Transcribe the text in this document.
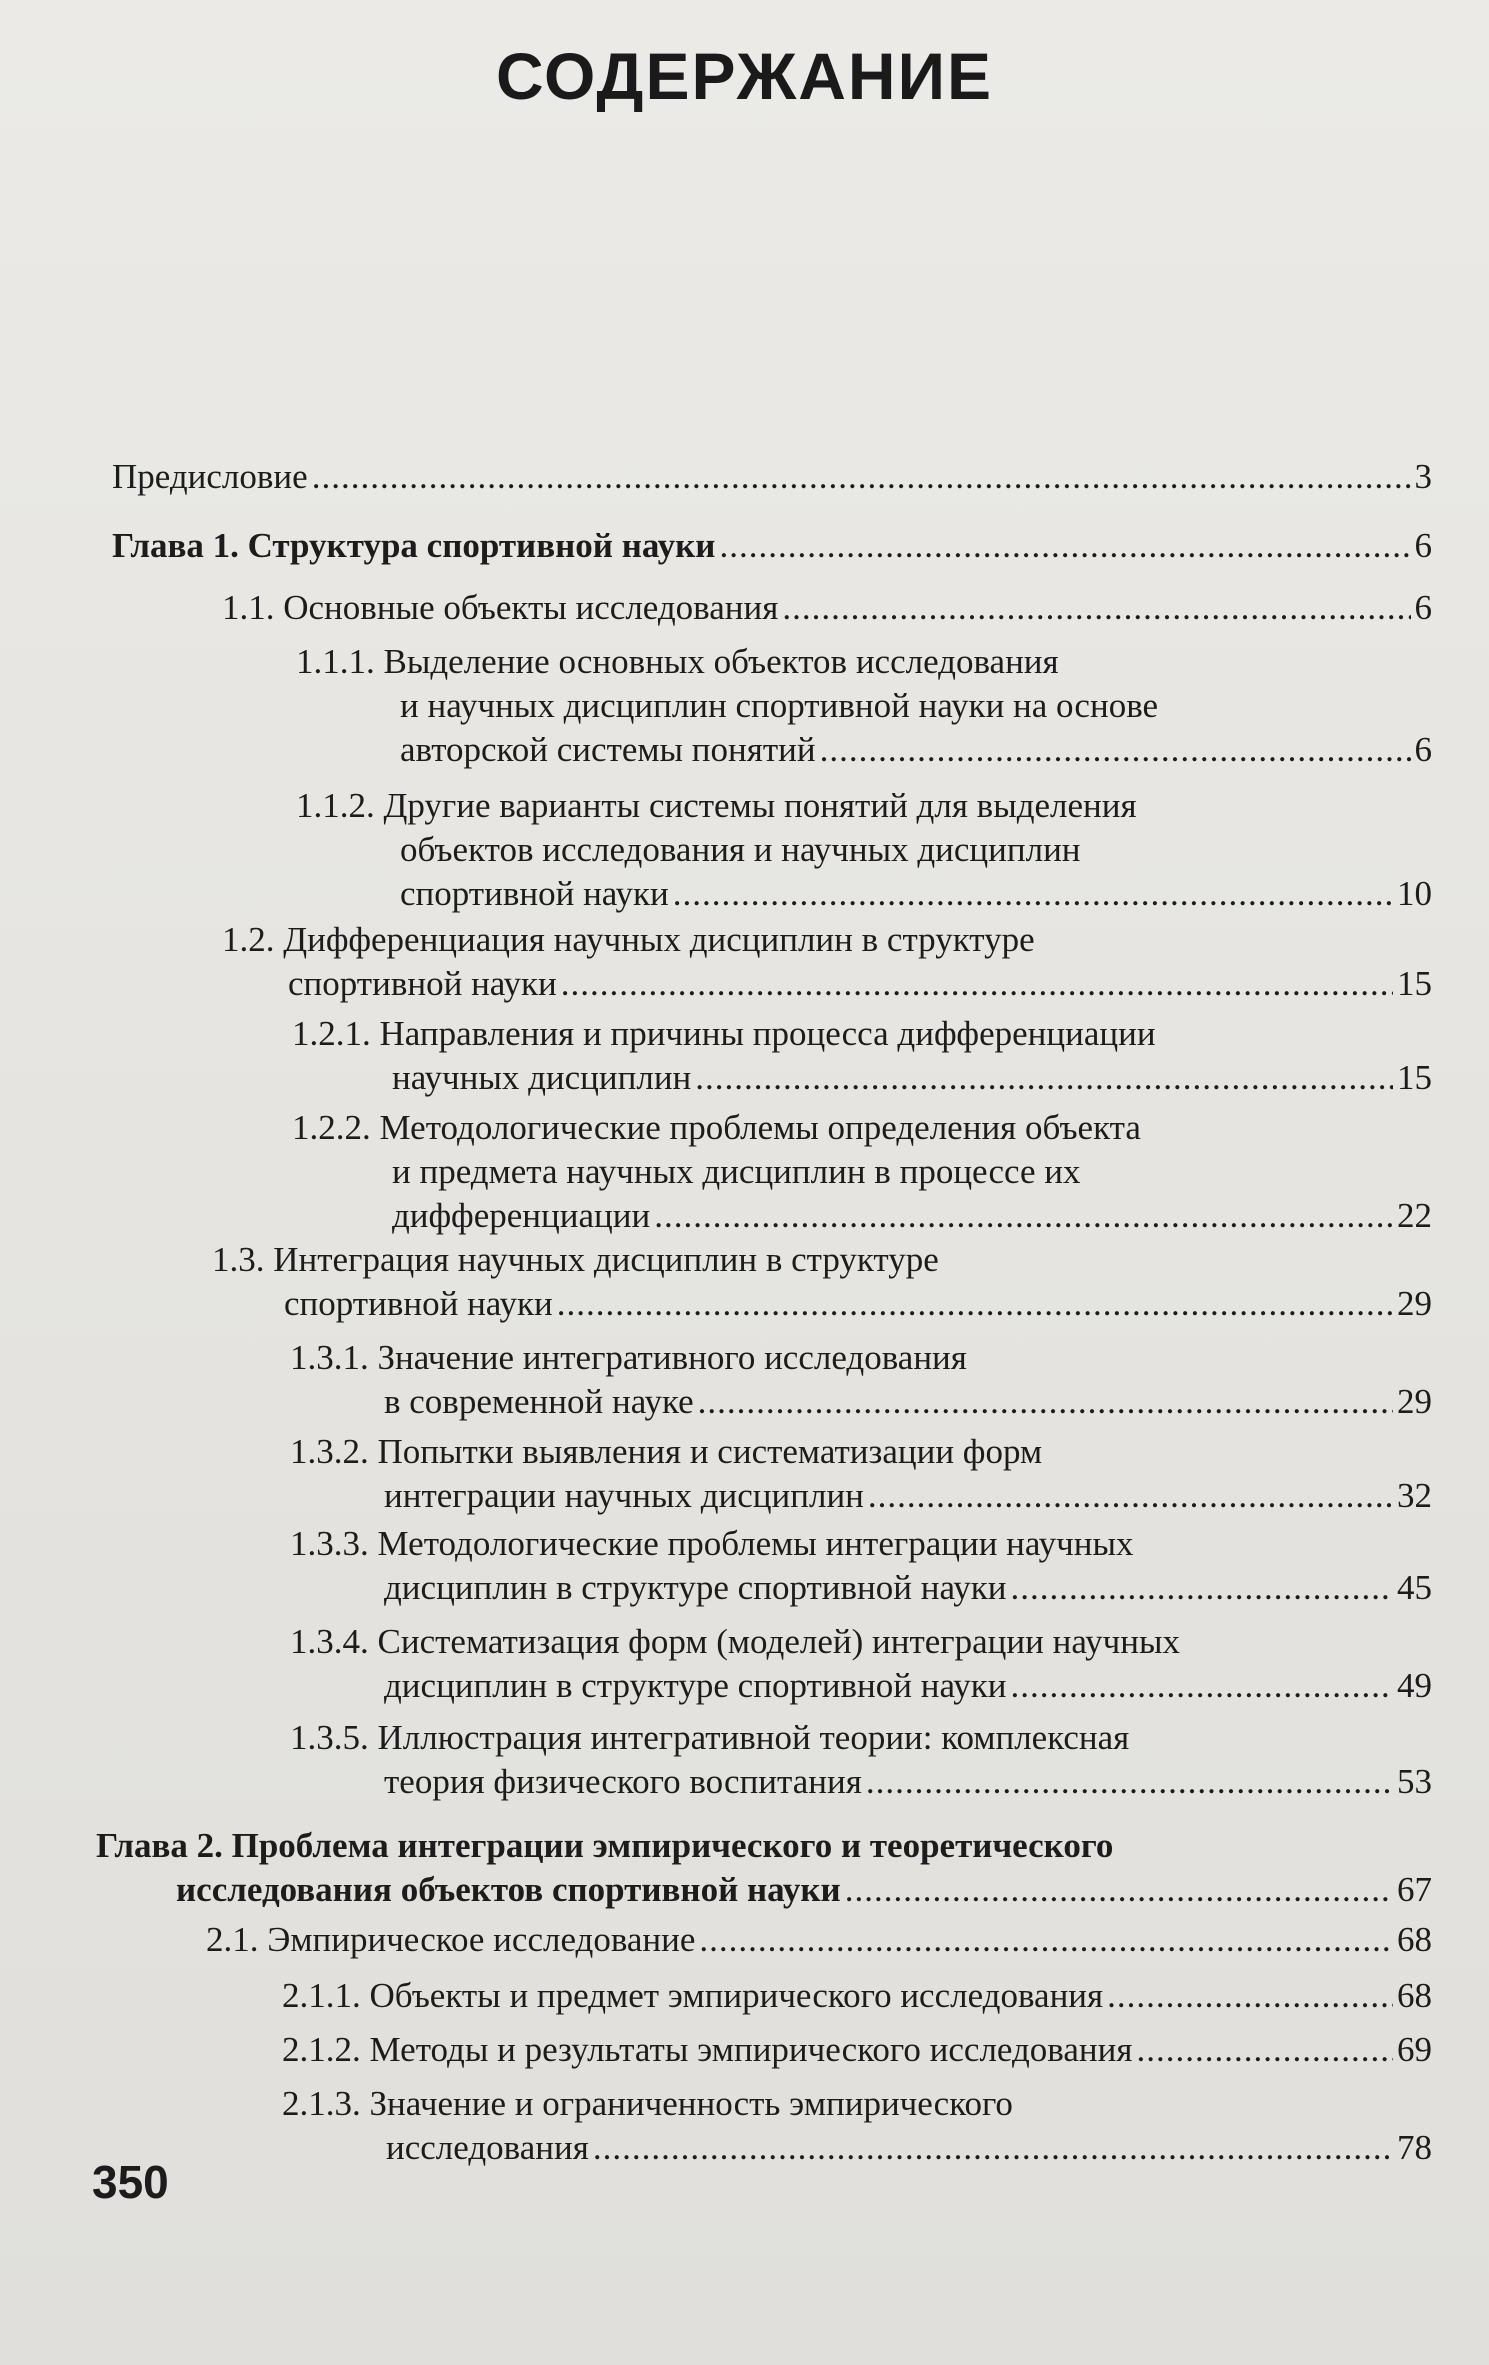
СОДЕРЖАНИЕ
Предисловие .....	3
Глава 1. Структура спортивной науки .....	6
1.1. Основные объекты исследования .....	6
1.1.1. Выделение основных объектов исследования
и научных дисциплин спортивной науки на основе
авторской системы понятий .....	6
1.1.2. Другие варианты системы понятий для выделения
объектов исследования и научных дисциплин
спортивной науки .....	10
1.2. Дифференциация научных дисциплин в структуре
спортивной науки .....	15
1.2.1. Направления и причины процесса дифференциации
научных дисциплин .....	15
1.2.2. Методологические проблемы определения объекта
и предмета научных дисциплин в процессе их
дифференциации .....	22
1.3. Интеграция научных дисциплин в структуре
спортивной науки .....	29
1.3.1. Значение интегративного исследования
в современной науке .....	29
1.3.2. Попытки выявления и систематизации форм
интеграции научных дисциплин .....	32
1.3.3. Методологические проблемы интеграции научных
дисциплин в структуре спортивной науки .....	45
1.3.4. Систематизация форм (моделей) интеграции научных
дисциплин в структуре спортивной науки .....	49
1.3.5. Иллюстрация интегративной теории: комплексная
теория физического воспитания .....	53
Глава 2. Проблема интеграции эмпирического и теоретического
исследования объектов спортивной науки .....	67
2.1. Эмпирическое исследование .....	68
2.1.1. Объекты и предмет эмпирического исследования .....	68
2.1.2. Методы и результаты эмпирического исследования .....	69
2.1.3. Значение и ограниченность эмпирического
исследования .....	78
350
